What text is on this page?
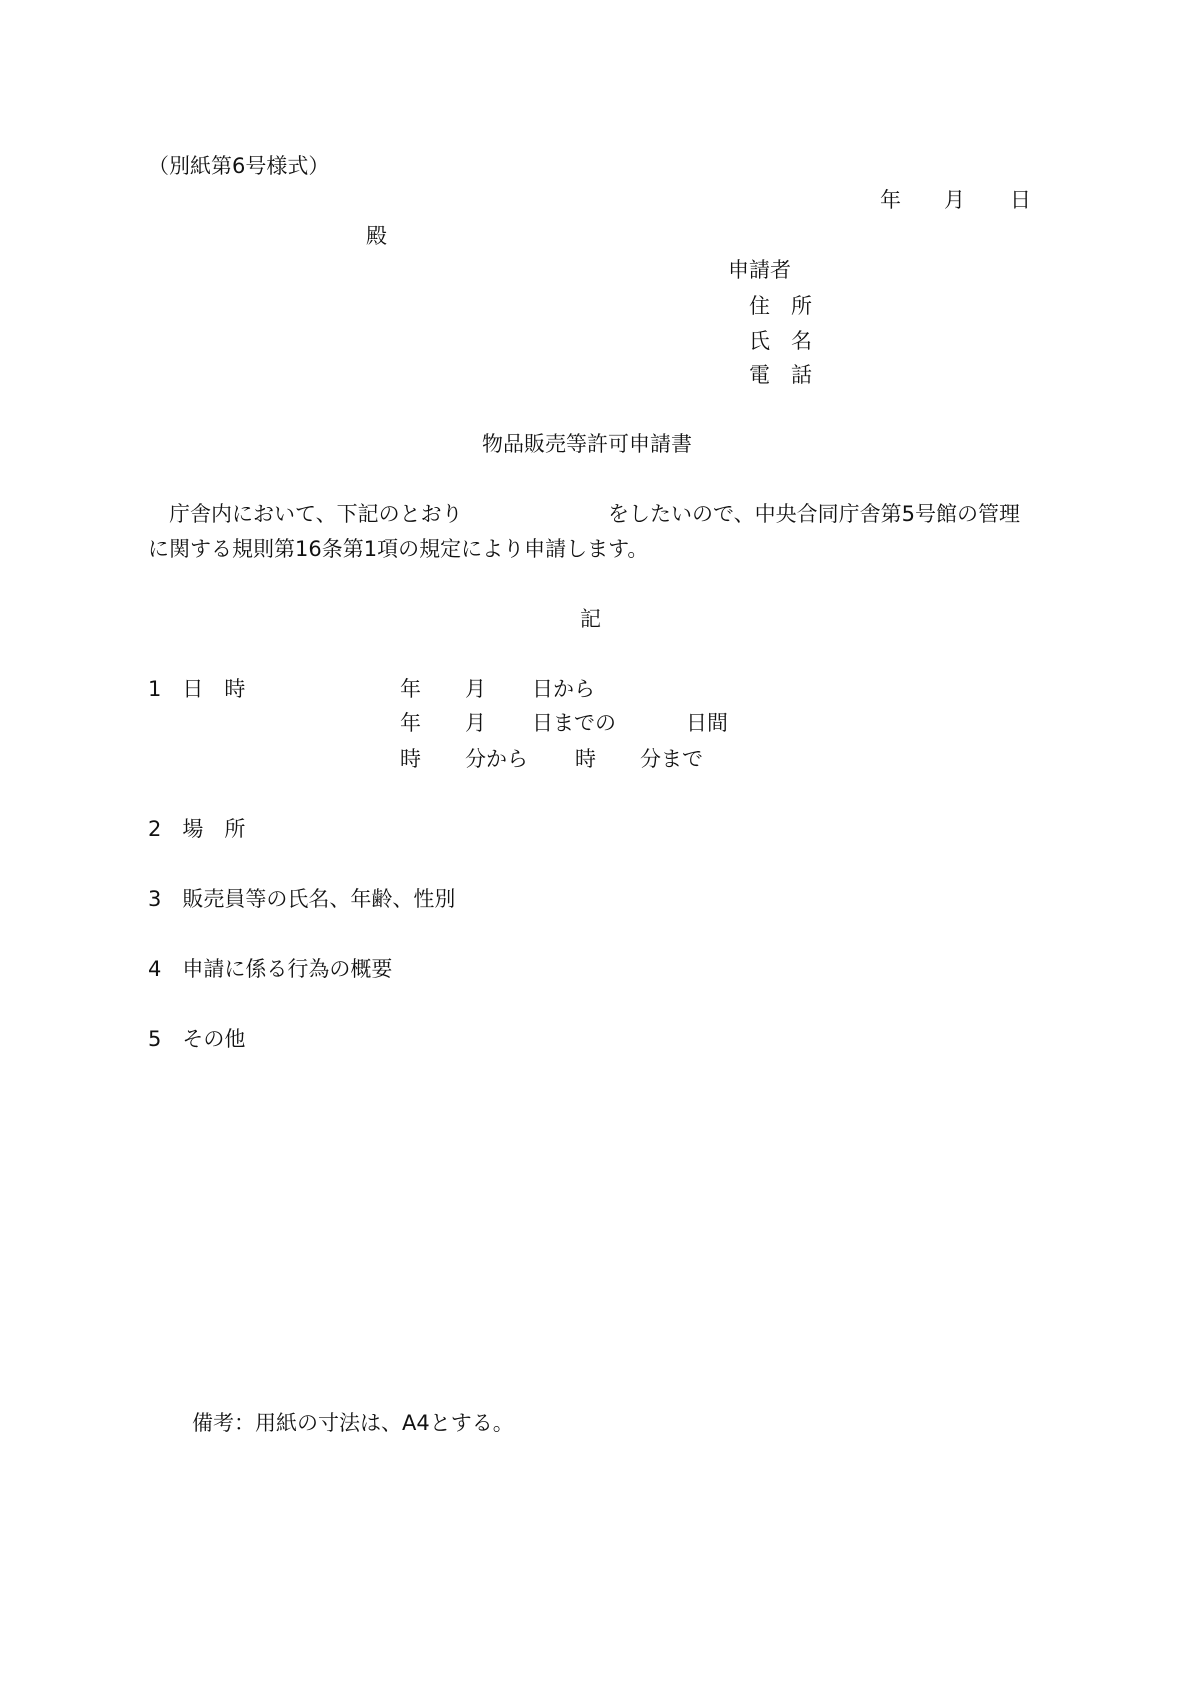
（別紙第6号様式）

年 月 日

殿

申請者

住　所

氏　名

電　話

物品販売等許可申請書

庁舎内において、下記のとおり	をしたいので、中央合同庁舎第5号館の管理

に関する規則第16条第1項の規定により申請します。

記

1　日　時	年 月 日から

年 月 日までの	日間

時 分から 時 分まで

2　場　所

3　販売員等の氏名、年齢、性別

4　申請に係る行為の概要

5　その他

備考：用紙の寸法は、A4とする。
